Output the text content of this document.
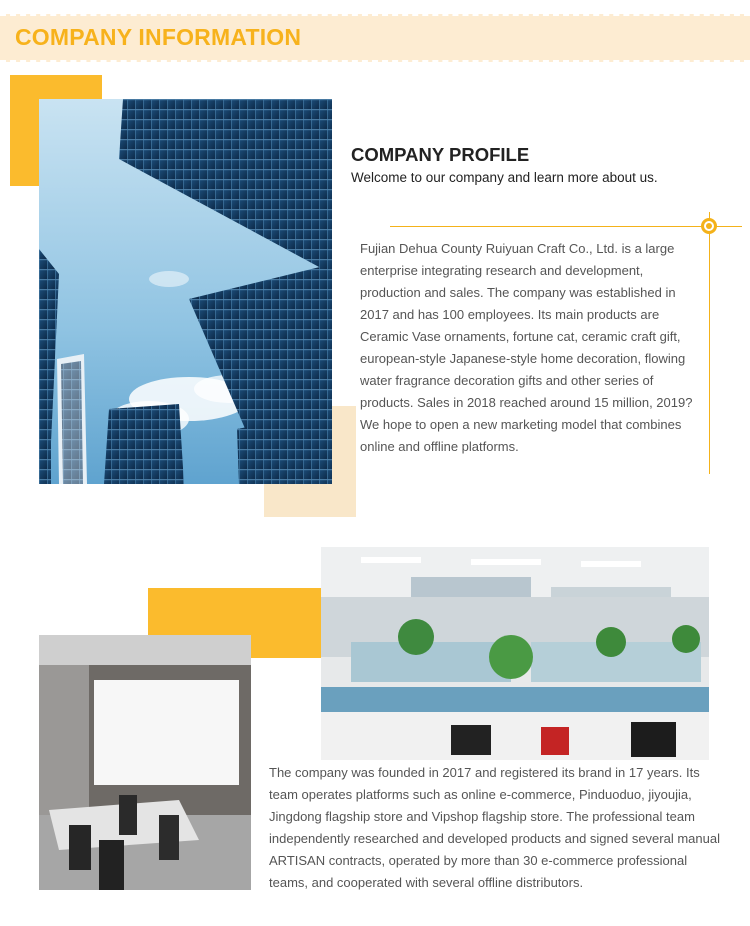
COMPANY INFORMATION
COMPANY PROFILE
Welcome to our company and learn more about us.
Fujian Dehua County Ruiyuan Craft Co., Ltd. is a large enterprise integrating research and development, production and sales. The company was established in 2017 and has 100 employees. Its main products are Ceramic Vase ornaments, fortune cat, ceramic craft gift, european-style Japanese-style home decoration, flowing water fragrance decoration gifts and other series of products. Sales in 2018 reached around 15 million, 2019? We hope to open a new marketing model that combines online and offline platforms.
The company was founded in 2017 and registered its brand in 17 years. Its team operates platforms such as online e-commerce, Pinduoduo, jiyoujia, Jingdong flagship store and Vipshop flagship store. The professional team independently researched and developed products and signed several manual ARTISAN contracts, operated by more than 30 e-commerce professional teams, and cooperated with several offline distributors.
